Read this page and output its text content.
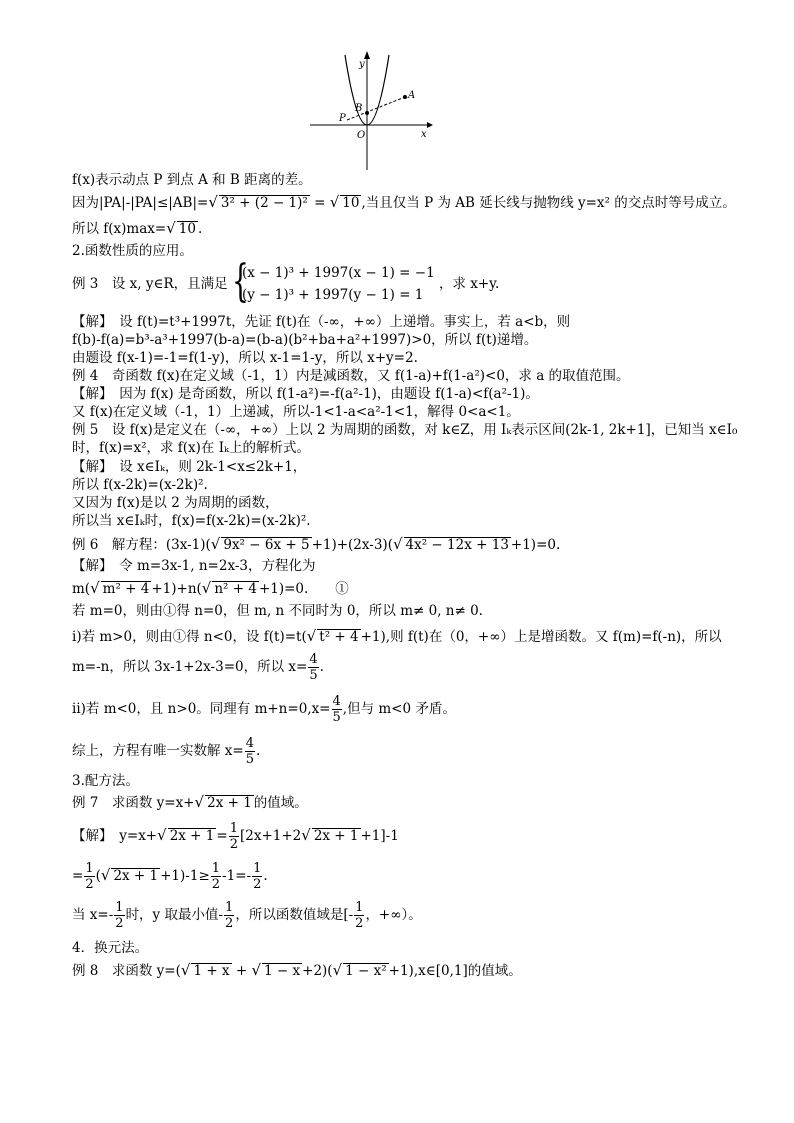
y
x
O
P
B
A
f(x)表示动点 P 到点 A 和 B 距离的差。
因为|PA|-|PA|≤|AB|=√ 3² + (2 − 1)² = √ 10 ,当且仅当 P 为 AB 延长线与抛物线 y=x² 的交点时等号成立。
所以 f(x)max=√ 10 .
2.函数性质的应用。
例 3　设 x, y∈R，且满足 {
(x − 1)³ + 1997(x − 1) = −1
(y − 1)³ + 1997(y − 1) = 1
，求 x+y.
【解】　设 f(t)=t³+1997t，先证 f(t)在（-∞，+∞）上递增。事实上，若 a<b，则
f(b)-f(a)=b³-a³+1997(b-a)=(b-a)(b²+ba+a²+1997)>0，所以 f(t)递增。
由题设 f(x-1)=-1=f(1-y)，所以 x-1=1-y，所以 x+y=2.
例 4　奇函数 f(x)在定义域（-1，1）内是减函数，又 f(1-a)+f(1-a²)<0，求 a 的取值范围。
【解】　因为 f(x) 是奇函数，所以 f(1-a²)=-f(a²-1)，由题设 f(1-a)<f(a²-1)。
又 f(x)在定义域（-1，1）上递减，所以-1<1-a<a²-1<1，解得 0<a<1。
例 5　设 f(x)是定义在（-∞，+∞）上以 2 为周期的函数，对 k∈Z，用 Iₖ表示区间(2k-1, 2k+1]，已知当 x∈I₀
时，f(x)=x²，求 f(x)在 Iₖ上的解析式。
【解】　设 x∈Iₖ，则 2k-1<x≤2k+1，
所以 f(x-2k)=(x-2k)².
又因为 f(x)是以 2 为周期的函数，
所以当 x∈Iₖ时，f(x)=f(x-2k)=(x-2k)².
例 6　解方程：(3x-1)(√ 9x² − 6x + 5 +1)+(2x-3)(√ 4x² − 12x + 13 +1)=0.
【解】　令 m=3x-1, n=2x-3，方程化为
m(√ m² + 4 +1)+n(√ n² + 4 +1)=0.　　①
若 m=0，则由①得 n=0，但 m, n 不同时为 0，所以 m≠ 0, n≠ 0.
ⅰ)若 m>0，则由①得 n<0，设 f(t)=t(√ t² + 4 +1),则 f(t)在（0，+∞）上是增函数。又 f(m)=f(-n)，所以
m=-n，所以 3x-1+2x-3=0，所以 $x= \frac{4}{5}$ .
ⅱ)若 m<0，且 n>0。同理有 $m+n=0,x= \frac{4}{5}$ ,但与 m<0 矛盾。
综上，方程有唯一实数解 $x= \frac{4}{5}$ .
3.配方法。
例 7　求函数 y=x+√ 2x + 1 的值域。
【解】　y=x+√ $2x + 1 = \frac{1}{2} [2x+1+2√$ 2x + 1 +1]-1
= $\frac{1}{2}$ (√ $2x + 1 +1)-1\ge \frac{1}{2} -1=- \frac{1}{2}$ .
当 $x=- \frac{1}{2}$ 时，y 取最小值- $\frac{1}{2}$ ，所以函数值域是[- $\frac{1}{2}$ ，+∞）。
4．换元法。
例 8　求函数 y=(√ 1 + x + √ 1 − x +2)(√ 1 − x² +1),x∈[0,1]的值域。
